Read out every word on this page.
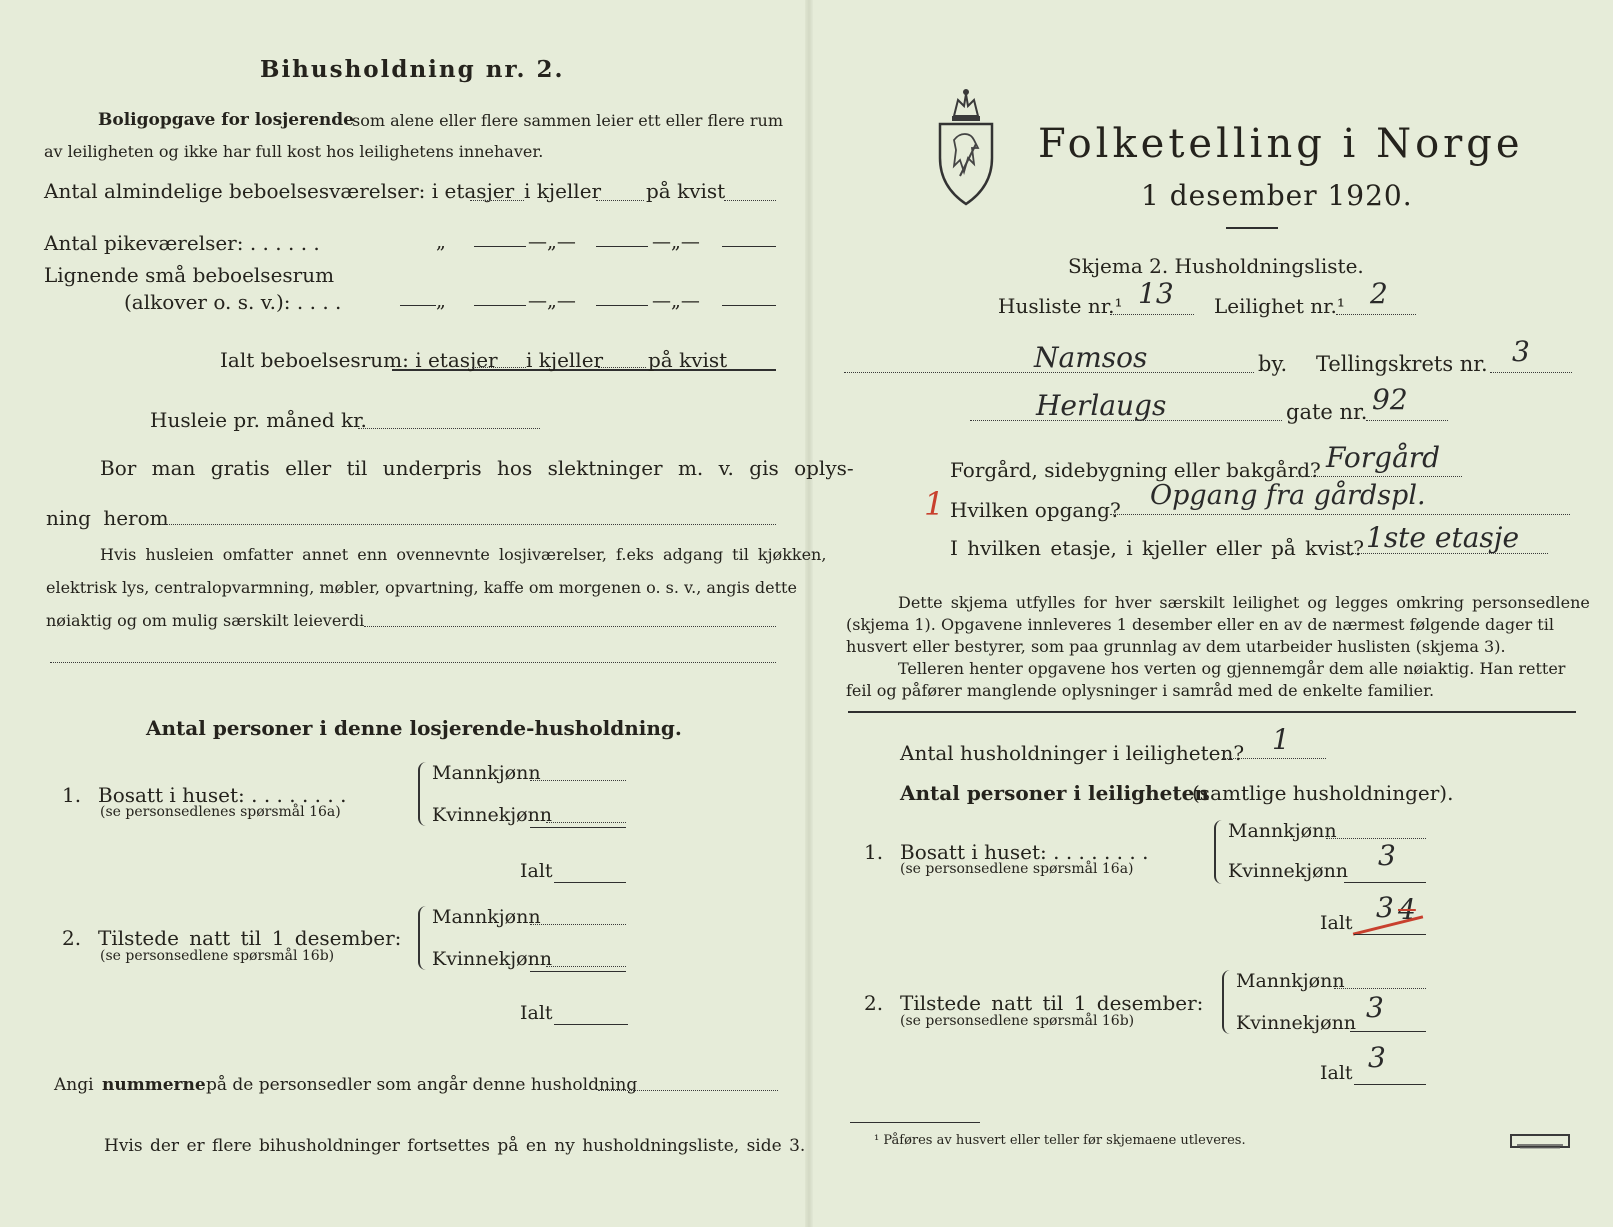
Bihusholdning nr. 2.
Boligopgave for losjerende
som alene eller flere sammen leier ett eller flere rum
av leiligheten og ikke har full kost hos leilighetens innehaver.
Antal almindelige beboelsesværelser: i etasjer i kjeller på kvist
Antal pikeværelser: . . . . . .	„	—„—	—„—
Lignende små beboelsesrum
(alkover o. s. v.): . . . .	„	—„—	—„—
Ialt beboelsesrum: i etasjer i kjeller på kvist
Husleie pr. måned kr.
Bor man gratis eller til underpris hos slektninger m. v. gis oplys-
ning herom
Hvis husleien omfatter annet enn ovennevnte losjiværelser, f.eks adgang til kjøkken,
elektrisk lys, centralopvarmning, møbler, opvartning, kaffe om morgenen o. s. v., angis dette
nøiaktig og om mulig særskilt leieverdi
Antal personer i denne losjerende-husholdning.
1. Bosatt i huset: . . . . . . . .
(se personsedlenes spørsmål 16a)
Mannkjønn
Kvinnekjønn
Ialt
2. Tilstede natt til 1 desember:
(se personsedlene spørsmål 16b)
Mannkjønn
Kvinnekjønn
Ialt
Angi nummerne på de personsedler som angår denne husholdning
Hvis der er flere bihusholdninger fortsettes på en ny husholdningsliste, side 3.
Folketelling i Norge
1 desember 1920.
Skjema 2. Husholdningsliste.
Husliste nr.¹ 13 Leilighet nr.¹ 2
Namsos	by. Tellingskrets nr. 3
Herlaugs	gate nr. 92
Forgård, sidebygning eller bakgård? Forgård
1 Hvilken opgang? Opgang fra gårdspl.
I hvilken etasje, i kjeller eller på kvist? 1ste etasje
Dette skjema utfylles for hver særskilt leilighet og legges omkring personsedlene
(skjema 1). Opgavene innleveres 1 desember eller en av de nærmest følgende dager til
husvert eller bestyrer, som paa grunnlag av dem utarbeider huslisten (skjema 3).
Telleren henter opgavene hos verten og gjennemgår dem alle nøiaktig. Han retter
feil og påfører manglende oplysninger i samråd med de enkelte familier.
Antal husholdninger i leiligheten? 1
Antal personer i leiligheten
(samtlige husholdninger).
1. Bosatt i huset: . . . . . . . .
(se personsedlene spørsmål 16a)
Mannkjønn
Kvinnekjønn 3
Ialt 3 4
2. Tilstede natt til 1 desember:
(se personsedlene spørsmål 16b)
Mannkjønn
Kvinnekjønn 3
Ialt 3
¹ Påføres av husvert eller teller før skjemaene utleveres.
